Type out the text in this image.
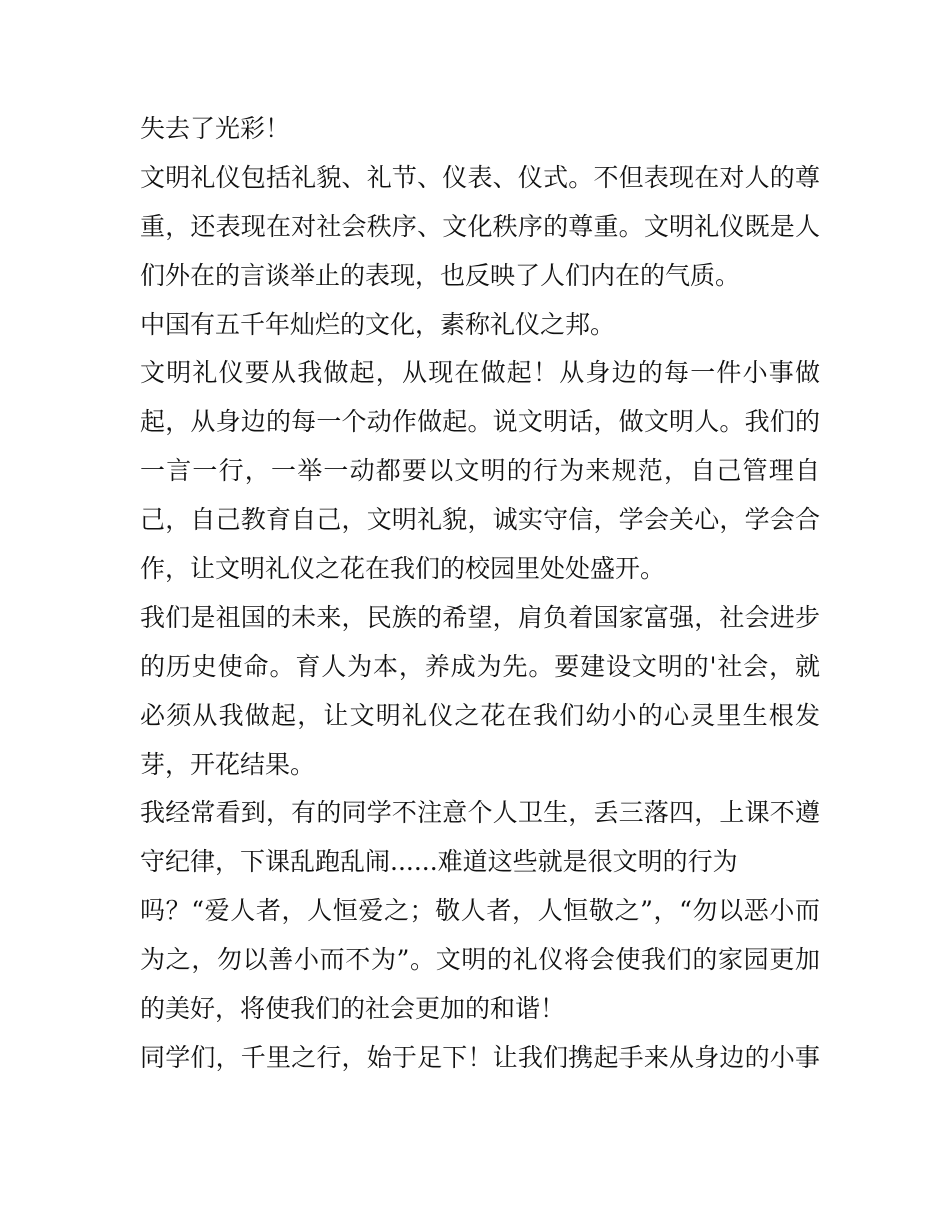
失去了光彩！
文明礼仪包括礼貌、礼节、仪表、仪式。不但表现在对人的尊
重，还表现在对社会秩序、文化秩序的尊重。文明礼仪既是人
们外在的言谈举止的表现，也反映了人们内在的气质。
中国有五千年灿烂的文化，素称礼仪之邦。
文明礼仪要从我做起，从现在做起！从身边的每一件小事做
起，从身边的每一个动作做起。说文明话，做文明人。我们的
一言一行，一举一动都要以文明的行为来规范，自己管理自
己，自己教育自己，文明礼貌，诚实守信，学会关心，学会合
作，让文明礼仪之花在我们的校园里处处盛开。
我们是祖国的未来，民族的希望，肩负着国家富强，社会进步
的历史使命。育人为本，养成为先。要建设文明的'社会，就
必须从我做起，让文明礼仪之花在我们幼小的心灵里生根发
芽，开花结果。
我经常看到，有的同学不注意个人卫生，丢三落四，上课不遵
守纪律，下课乱跑乱闹......难道这些就是很文明的行为
吗？“爱人者，人恒爱之；敬人者，人恒敬之”，“勿以恶小而
为之，勿以善小而不为”。文明的礼仪将会使我们的家园更加
的美好，将使我们的社会更加的和谐！
同学们，千里之行，始于足下！让我们携起手来从身边的小事
